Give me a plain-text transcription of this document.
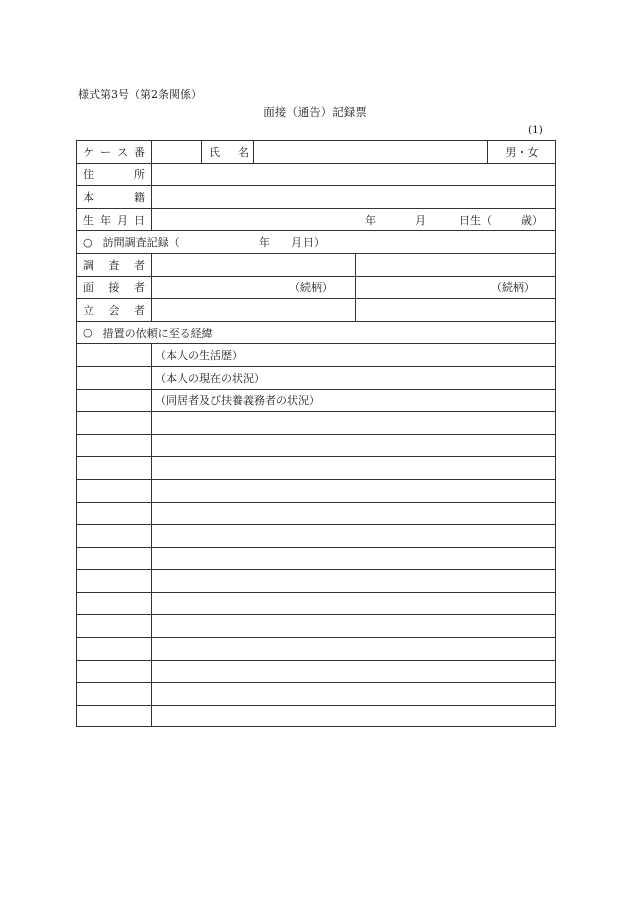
様式第3号（第2条関係）
面接（通告）記録票
(1)
ケ ー ス 番	氏 名	男・女
住	所
本	籍
生 年 月 日	年	月	日生（	歳）
○ 訪問調査記録（	年 月 日）
調 査 者
面 接 者	（続柄）	（続柄）
立 会 者
○ 措置の依頼に至る経緯
（本人の生活歴）
（本人の現在の状況）
（同居者及び扶養義務者の状況）
